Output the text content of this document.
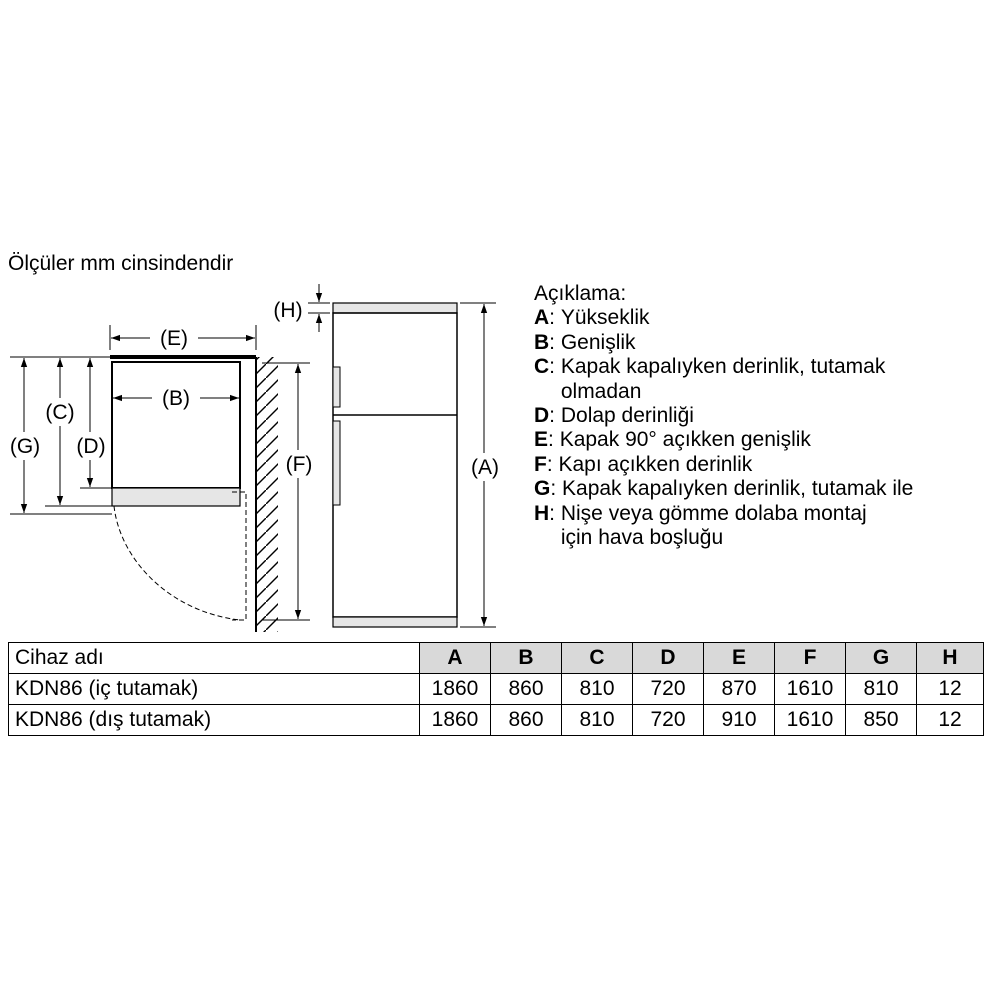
Ölçüler mm cinsindendir
(E)
(B)
(G)
(C)
(D)
(F)
(H)
(A)
Açıklama:
A : Yükseklik
B : Genişlik
C : Kapak kapalıyken derinlik, tutamak
olmadan
D : Dolap derinliği
E : Kapak 90° açıkken genişlik
F : Kapı açıkken derinlik
G : Kapak kapalıyken derinlik, tutamak ile
H : Nişe veya gömme dolaba montaj
için hava boşluğu
Cihaz adı	A	B	C	D	E	F	G	H
KDN86 (iç tutamak)	1860	860	810	720	870	1610	810	12
KDN86 (dış tutamak)	1860	860	810	720	910	1610	850	12
